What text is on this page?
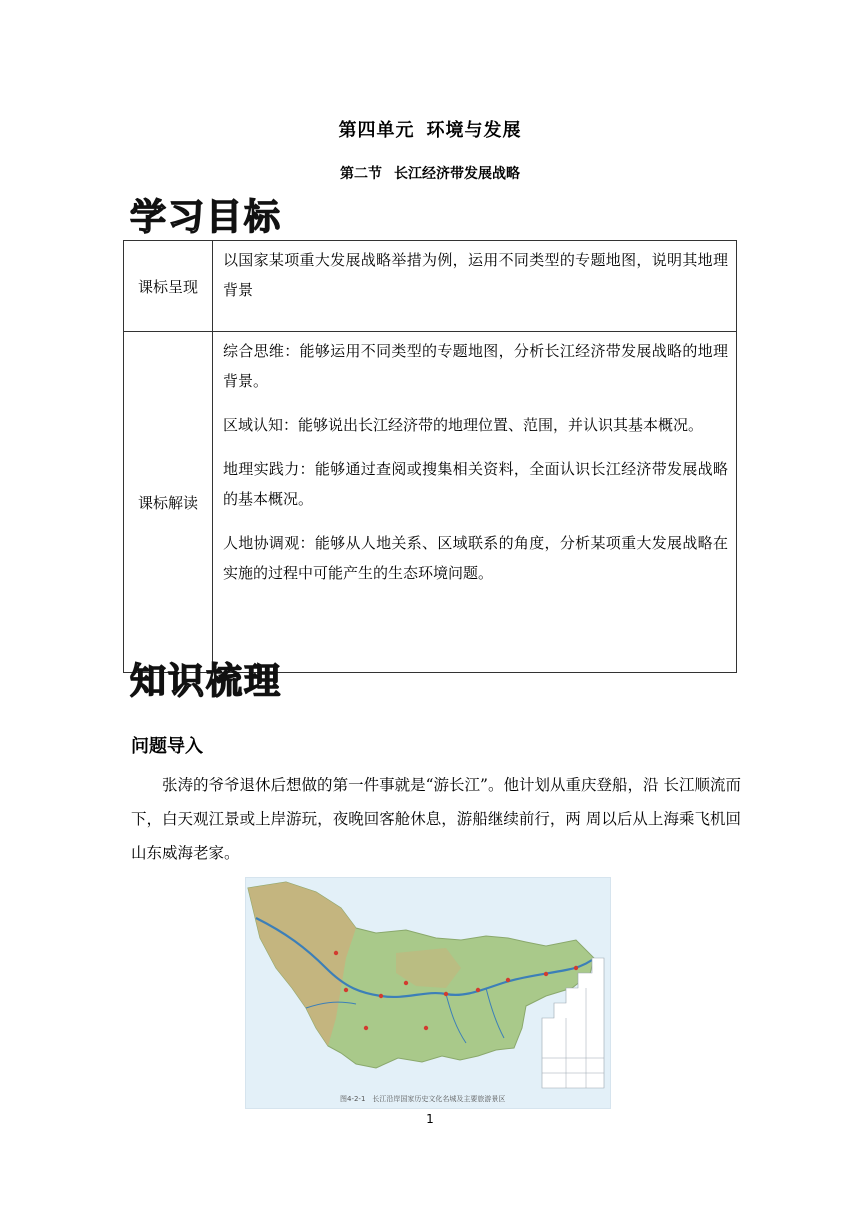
第四单元 环境与发展
第二节 长江经济带发展战略
学习目标
课标呈现	以国家某项重大发展战略举措为例，运用不同类型的专题地图，说明其地理背景

课标解读	综合思维：能够运用不同类型的专题地图，分析长江经济带发展战略的地理背景。

区域认知：能够说出长江经济带的地理位置、范围，并认识其基本概况。

地理实践力：能够通过查阅或搜集相关资料，全面认识长江经济带发展战略的基本概况。

人地协调观：能够从人地关系、区域联系的角度，分析某项重大发展战略在实施的过程中可能产生的生态环境问题。

知识梳理
问题导入
张涛的爷爷退休后想做的第一件事就是“游长江”。他计划从重庆登船，沿 长江顺流而下，白天观江景或上岸游玩，夜晚回客舱休息，游船继续前行，两 周以后从上海乘飞机回山东威海老家。
图4-2-1　长江沿岸国家历史文化名城及主要旅游景区
1
